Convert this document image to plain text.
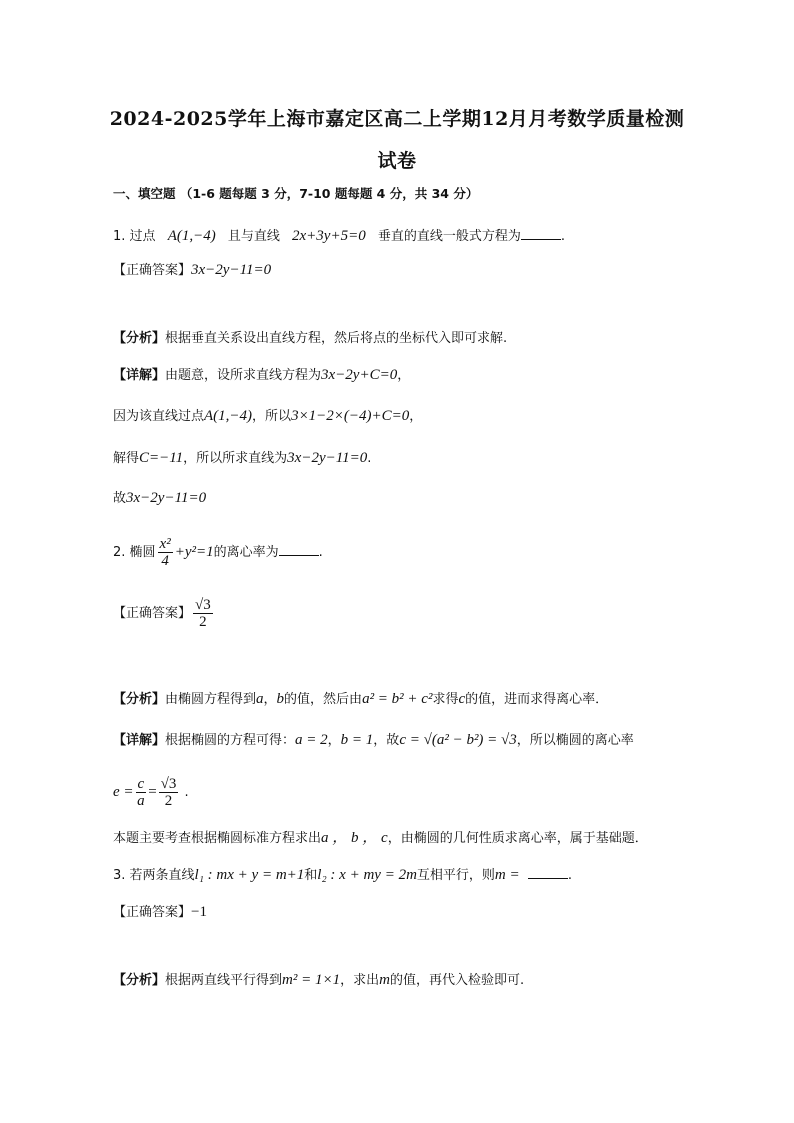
2024-2025学年上海市嘉定区高二上学期12月月考数学质量检测
试卷
一、填空题 （1-6 题每题 3 分，7-10 题每题 4 分，共 34 分）
1. 过点 A(1,−4) 且与直线 2x+3y+5=0 垂直的直线一般式方程为	.
【正确答案】3x−2y−11=0
【分析】根据垂直关系设出直线方程，然后将点的坐标代入即可求解.
【详解】由题意，设所求直线方程为3x−2y+C=0，
因为该直线过点A(1,−4)，所以3×1−2×(−4)+C=0，
解得C=−11，所以所求直线为3x−2y−11=0.
故3x−2y−11=0
2. 椭圆 $\frac{\text{x²}}{4} +y^2=1$的离心率为	.
【正确答案】 $\frac{√3}{2}$
【分析】由椭圆方程得到a，b的值，然后由a² = b² + c²求得c的值，进而求得离心率．
【详解】根据椭圆的方程可得：a = 2，b = 1，故c = √(a² − b²) = √3，所以椭圆的离心率
$e = \frac{c}{a} = \frac{√3}{2}$ .
本题主要考查根据椭圆标准方程求出a ， b ， c，由椭圆的几何性质求离心率，属于基础题．
3. 若两条直线l₁ : mx + y = m+1和l₂ : x + my = 2m互相平行，则m =	.
【正确答案】−1
【分析】根据两直线平行得到m² = 1×1，求出m的值，再代入检验即可.
